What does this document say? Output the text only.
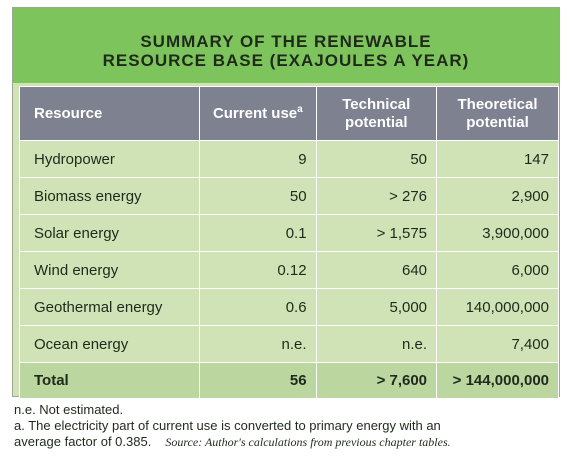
SUMMARY OF THE RENEWABLE
RESOURCE BASE (EXAJOULES A YEAR)
Resource	Current use$^a$	Technical potential	Theoretical potential
Hydropower	9	50	147
Biomass energy	50	> 276	2,900
Solar energy	0.1	> 1,575	3,900,000
Wind energy	0.12	640	6,000
Geothermal energy	0.6	5,000	140,000,000
Ocean energy	n.e.	n.e.	7,400
Total	56	> 7,600	> 144,000,000
n.e. Not estimated.
a. The electricity part of current use is converted to primary energy with an
average factor of 0.385. Source: Author's calculations from previous chapter tables.
